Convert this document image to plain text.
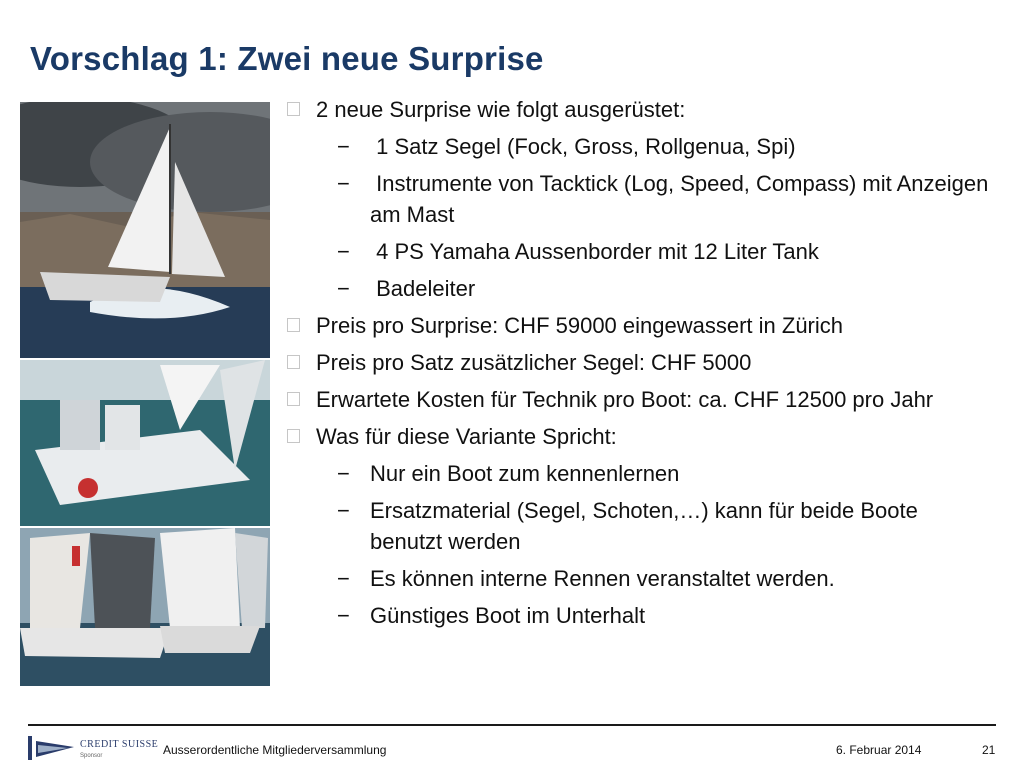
Vorschlag 1: Zwei neue Surprise
2 neue Surprise wie folgt ausgerüstet:
− 1 Satz Segel (Fock, Gross, Rollgenua, Spi)
− Instrumente von Tacktick (Log, Speed, Compass) mit Anzeigen am Mast
− 4 PS Yamaha Aussenborder mit 12 Liter Tank
− Badeleiter
Preis pro Surprise: CHF 59000 eingewassert in Zürich
Preis pro Satz zusätzlicher Segel: CHF 5000
Erwartete Kosten für Technik pro Boot: ca. CHF 12500 pro Jahr
Was für diese Variante Spricht:
− Nur ein Boot zum kennenlernen
− Ersatzmaterial (Segel, Schoten,…) kann für beide Boote benutzt werden
− Es können interne Rennen veranstaltet werden.
− Günstiges Boot im Unterhalt
CREDIT SUISSE
Sponsor	Ausserordentliche Mitgliederversammlung	6. Februar 2014	21
